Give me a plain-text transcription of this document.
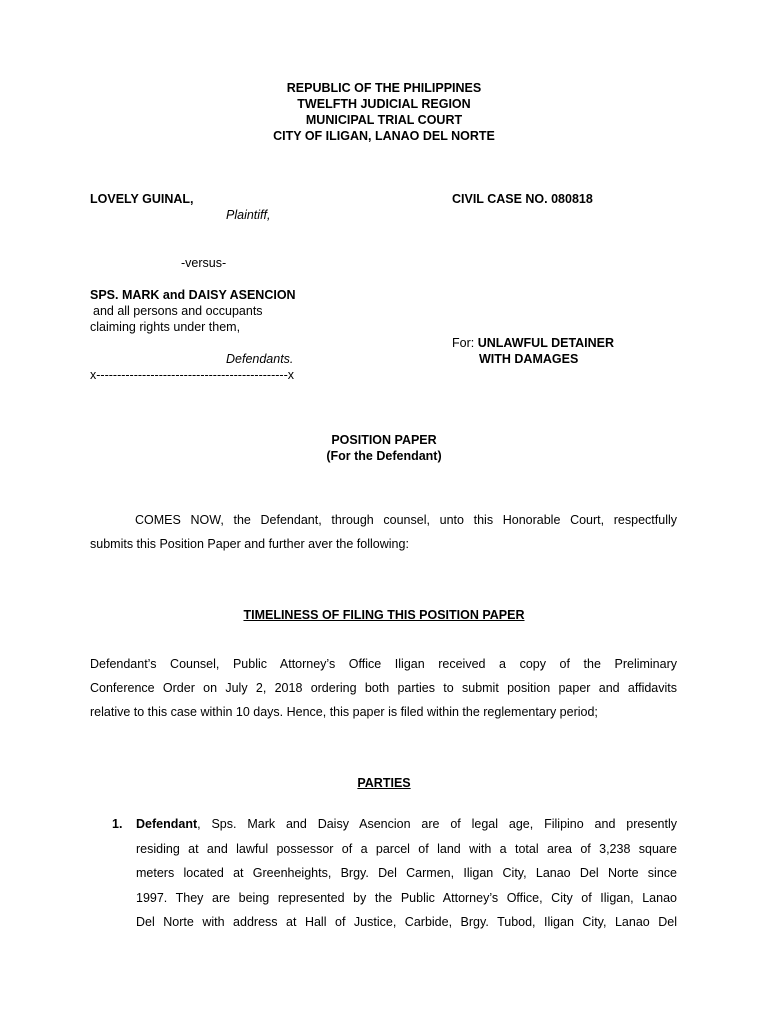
REPUBLIC OF THE PHILIPPINES
TWELFTH JUDICIAL REGION
MUNICIPAL TRIAL COURT
CITY OF ILIGAN, LANAO DEL NORTE
LOVELY GUINAL,
Plaintiff,
CIVIL CASE NO. 080818
-versus-
SPS. MARK and DAISY ASENCION
and all persons and occupants
claiming rights under them,
Defendants.
x----------------------------------------------x
For: UNLAWFUL DETAINER
WITH DAMAGES
POSITION PAPER
(For the Defendant)
COMES NOW, the Defendant, through counsel, unto this Honorable Court, respectfully
submits this Position Paper and further aver the following:
TIMELINESS OF FILING THIS POSITION PAPER
Defendant’s Counsel, Public Attorney’s Office Iligan received a copy of the Preliminary
Conference Order on July 2, 2018 ordering both parties to submit position paper and affidavits
relative to this case within 10 days. Hence, this paper is filed within the reglementary period;
PARTIES
1. Defendant, Sps. Mark and Daisy Asencion are of legal age, Filipino and presently
residing at and lawful possessor of a parcel of land with a total area of 3,238 square
meters located at Greenheights, Brgy. Del Carmen, Iligan City, Lanao Del Norte since
1997. They are being represented by the Public Attorney’s Office, City of Iligan, Lanao
Del Norte with address at Hall of Justice, Carbide, Brgy. Tubod, Iligan City, Lanao Del
